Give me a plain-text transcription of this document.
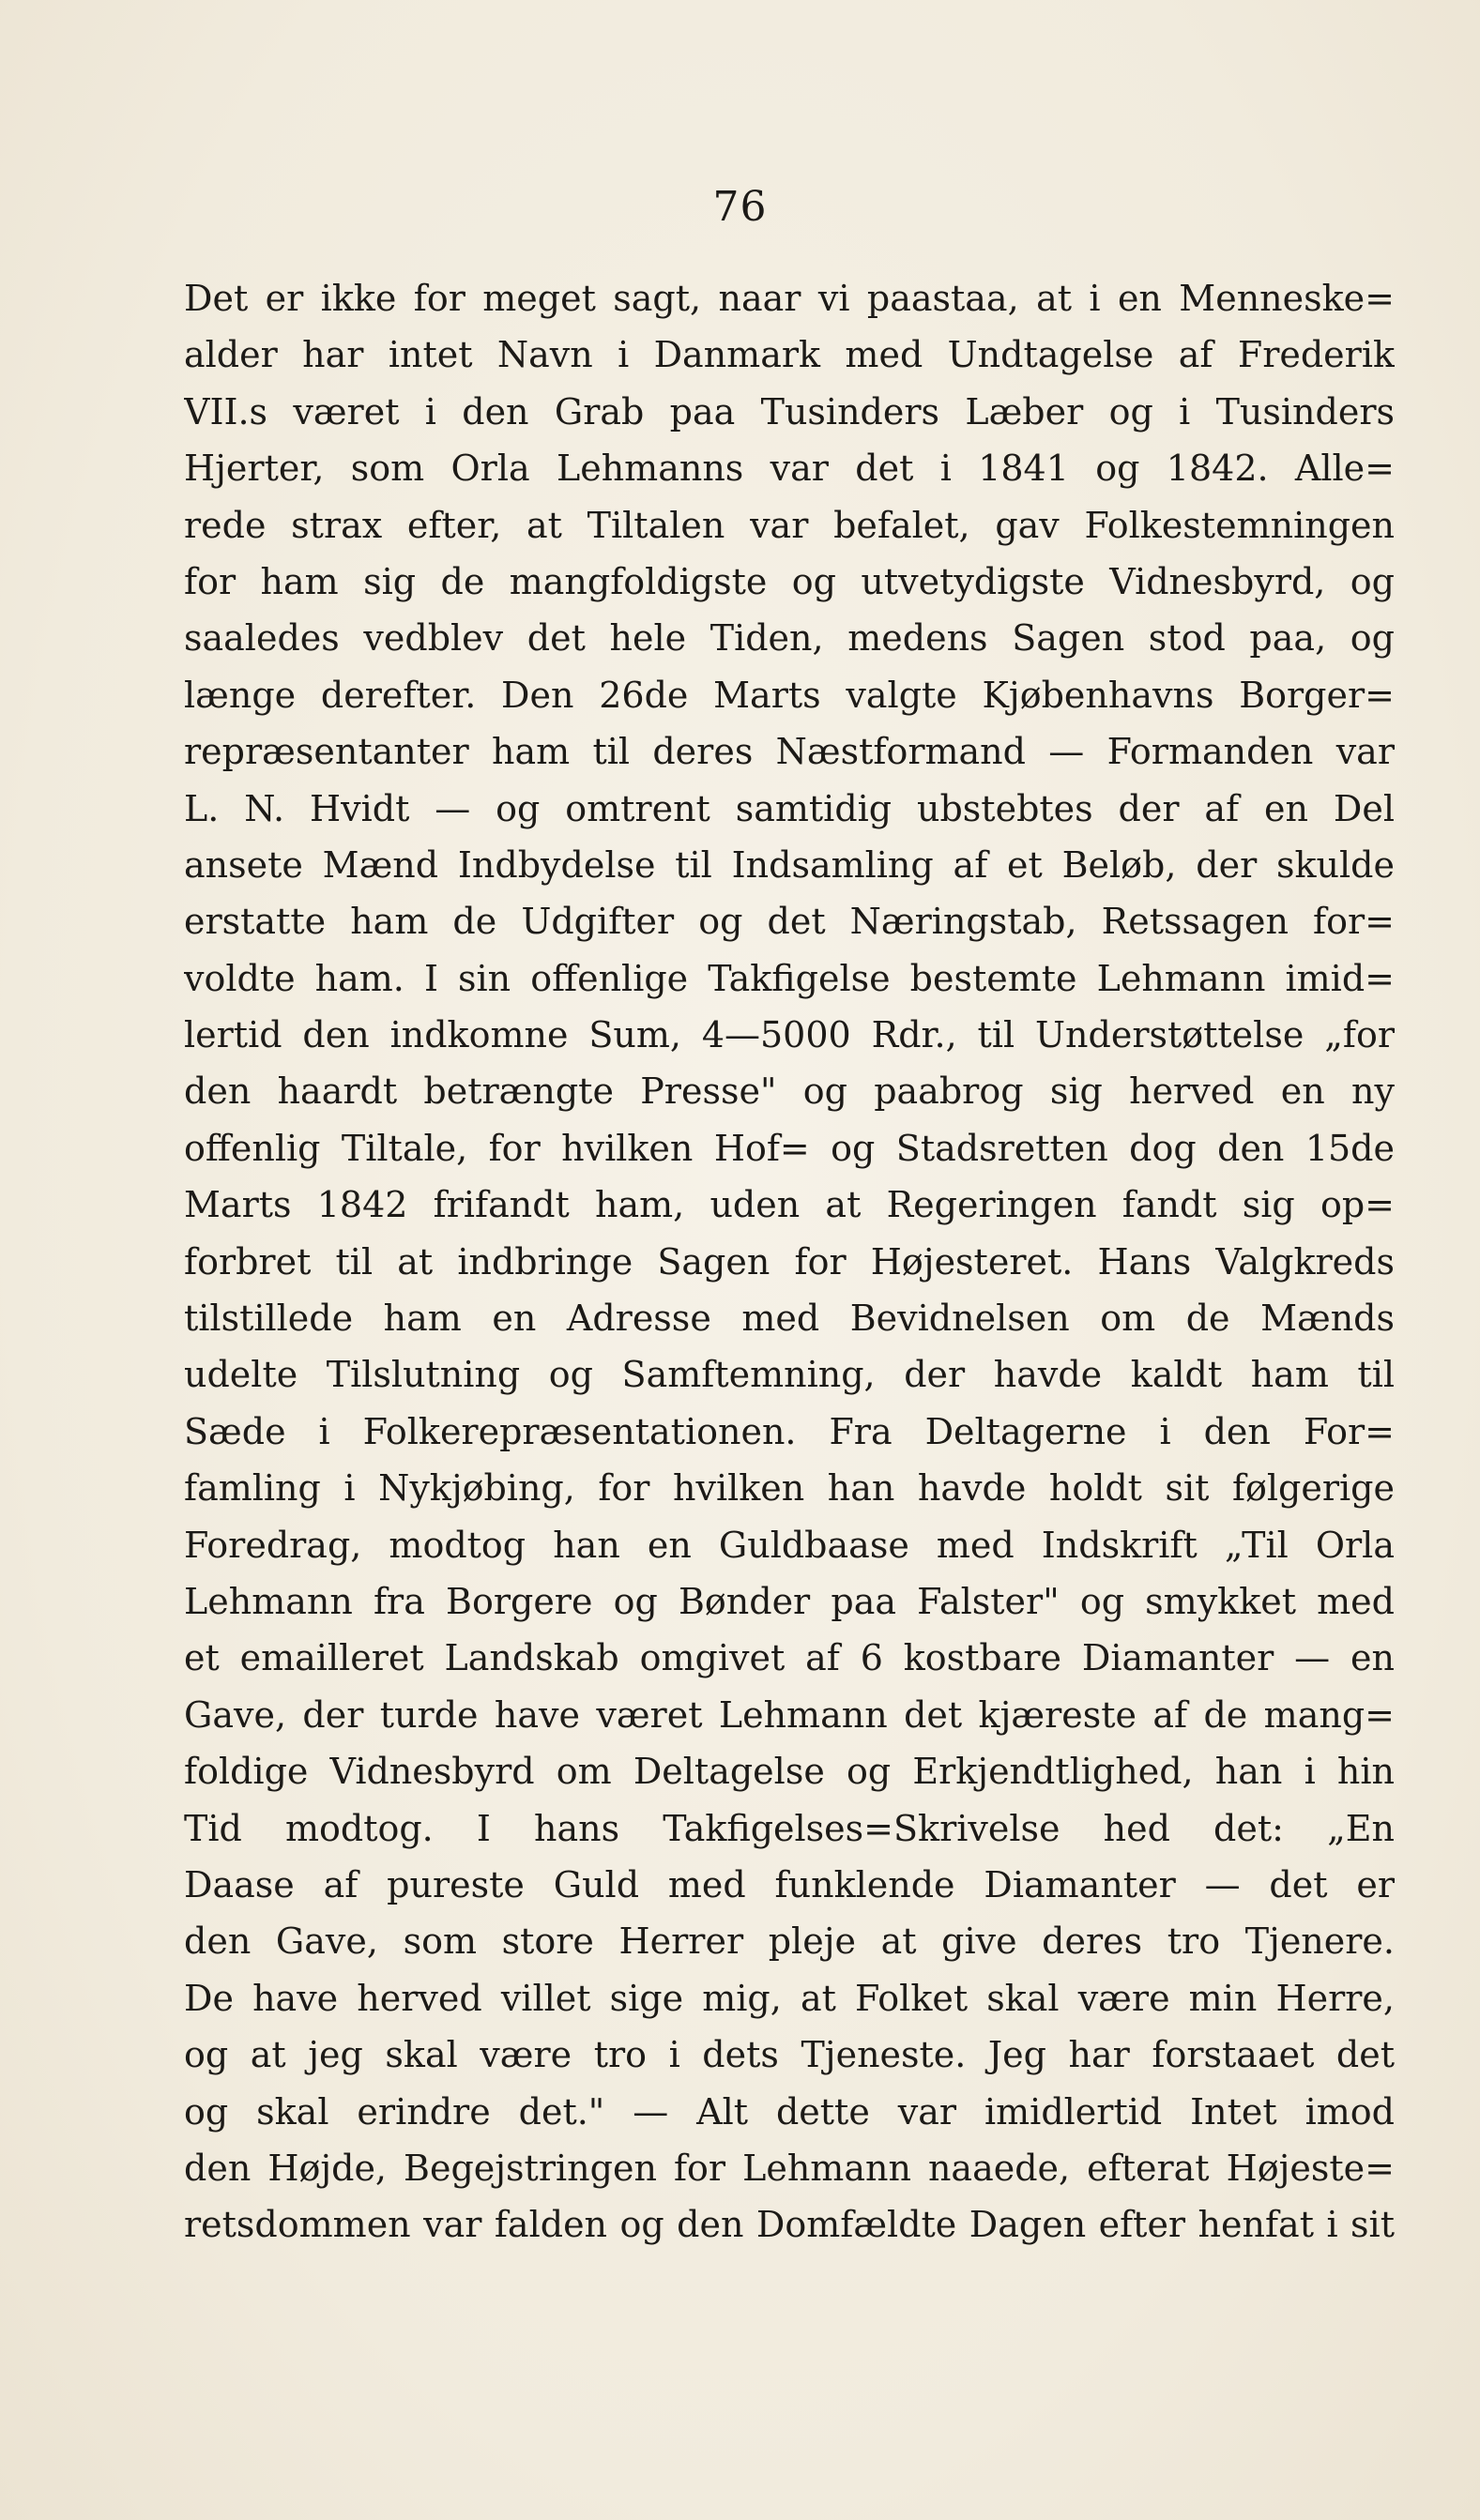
76
Det er ikke for meget sagt, naar vi paastaa, at i en Menneske=
alder har intet Navn i Danmark med Undtagelse af Frederik
VII.s været i den Grab paa Tusinders Læber og i Tusinders
Hjerter, som Orla Lehmanns var det i 1841 og 1842. Alle=
rede strax efter, at Tiltalen var befalet, gav Folkestemningen
for ham sig de mangfoldigste og utvetydigste Vidnesbyrd, og
saaledes vedblev det hele Tiden, medens Sagen stod paa, og
længe derefter. Den 26de Marts valgte Kjøbenhavns Borger=
repræsentanter ham til deres Næstformand — Formanden var
L. N. Hvidt — og omtrent samtidig ubstebtes der af en Del
ansete Mænd Indbydelse til Indsamling af et Beløb, der skulde
erstatte ham de Udgifter og det Næringstab, Retssagen for=
voldte ham. I sin offenlige Takfigelse bestemte Lehmann imid=
lertid den indkomne Sum, 4—5000 Rdr., til Understøttelse „for
den haardt betrængte Presse" og paabrog sig herved en ny
offenlig Tiltale, for hvilken Hof= og Stadsretten dog den 15de
Marts 1842 frifandt ham, uden at Regeringen fandt sig op=
forbret til at indbringe Sagen for Højesteret. Hans Valgkreds
tilstillede ham en Adresse med Bevidnelsen om de Mænds
udelte Tilslutning og Samftemning, der havde kaldt ham til
Sæde i Folkerepræsentationen. Fra Deltagerne i den For=
famling i Nykjøbing, for hvilken han havde holdt sit følgerige
Foredrag, modtog han en Guldbaase med Indskrift „Til Orla
Lehmann fra Borgere og Bønder paa Falster" og smykket med
et emailleret Landskab omgivet af 6 kostbare Diamanter — en
Gave, der turde have været Lehmann det kjæreste af de mang=
foldige Vidnesbyrd om Deltagelse og Erkjendtlighed, han i hin
Tid modtog. I hans Takfigelses=Skrivelse hed det: „En
Daase af pureste Guld med funklende Diamanter — det er
den Gave, som store Herrer pleje at give deres tro Tjenere.
De have herved villet sige mig, at Folket skal være min Herre,
og at jeg skal være tro i dets Tjeneste. Jeg har forstaaet det
og skal erindre det." — Alt dette var imidlertid Intet imod
den Højde, Begejstringen for Lehmann naaede, efterat Højeste=
retsdommen var falden og den Domfældte Dagen efter henfat i sit
